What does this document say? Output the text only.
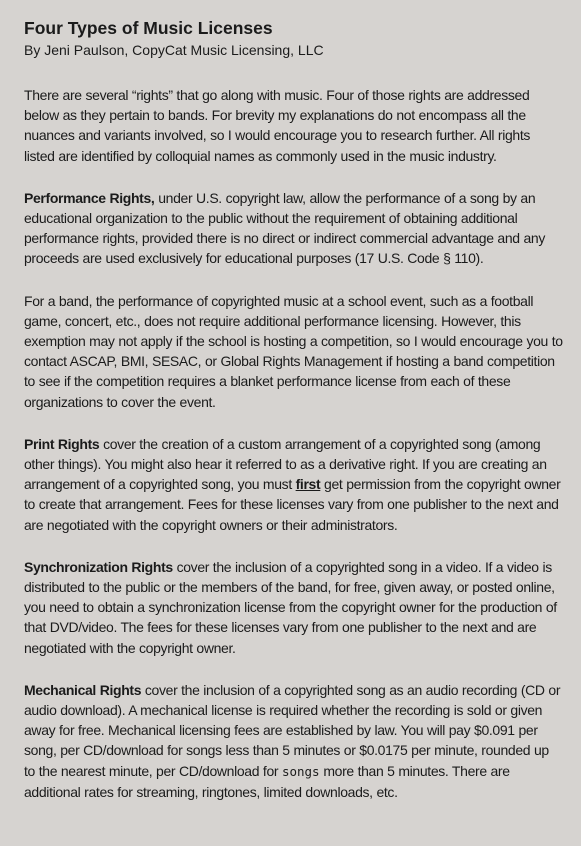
Four Types of Music Licenses
By Jeni Paulson, CopyCat Music Licensing, LLC

There are several “rights” that go along with music. Four of those rights are addressed below as they pertain to bands. For brevity my explanations do not encompass all the nuances and variants involved, so I would encourage you to research further. All rights listed are identified by colloquial names as commonly used in the music industry.

Performance Rights, under U.S. copyright law, allow the performance of a song by an educational organization to the public without the requirement of obtaining additional performance rights, provided there is no direct or indirect commercial advantage and any proceeds are used exclusively for educational purposes (17 U.S. Code § 110).

For a band, the performance of copyrighted music at a school event, such as a football game, concert, etc., does not require additional performance licensing. However, this exemption may not apply if the school is hosting a competition, so I would encourage you to contact ASCAP, BMI, SESAC, or Global Rights Management if hosting a band competition to see if the competition requires a blanket performance license from each of these organizations to cover the event.

Print Rights cover the creation of a custom arrangement of a copyrighted song (among other things). You might also hear it referred to as a derivative right. If you are creating an arrangement of a copyrighted song, you must first get permission from the copyright owner to create that arrangement. Fees for these licenses vary from one publisher to the next and are negotiated with the copyright owners or their administrators.

Synchronization Rights cover the inclusion of a copyrighted song in a video. If a video is distributed to the public or the members of the band, for free, given away, or posted online, you need to obtain a synchronization license from the copyright owner for the production of that DVD/video. The fees for these licenses vary from one publisher to the next and are negotiated with the copyright owner.

Mechanical Rights cover the inclusion of a copyrighted song as an audio recording (CD or audio download). A mechanical license is required whether the recording is sold or given away for free. Mechanical licensing fees are established by law. You will pay $0.091 per song, per CD/download for songs less than 5 minutes or $0.0175 per minute, rounded up to the nearest minute, per CD/download for songs more than 5 minutes. There are additional rates for streaming, ringtones, limited downloads, etc.
